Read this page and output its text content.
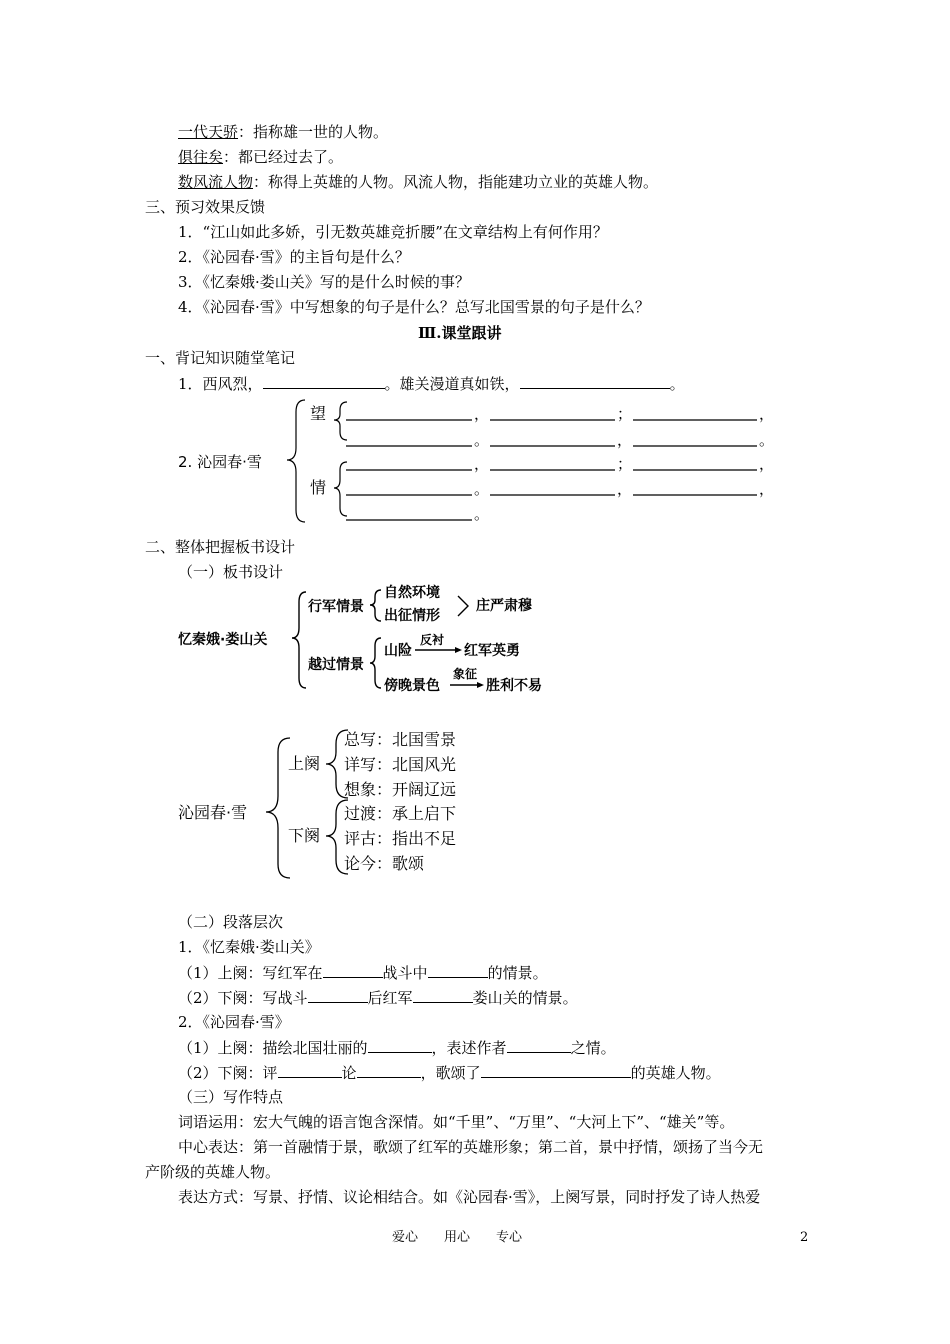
一代天骄：指称雄一世的人物。
俱往矣：都已经过去了。
数风流人物：称得上英雄的人物。风流人物，指能建功立业的英雄人物。
三、预习效果反馈
1．“江山如此多娇，引无数英雄竞折腰”在文章结构上有何作用？
2．《沁园春·雪》的主旨句是什么？
3．《忆秦娥·娄山关》写的是什么时候的事？
4．《沁园春·雪》中写想象的句子是什么？总写北国雪景的句子是什么？
Ⅲ.课堂跟讲
一、背记知识随堂笔记
1．西风烈，	。雄关漫道真如铁，	。
望
情
2. 沁园春·雪
，	；	，
。	，	。
，	；	，
。	，	，
。
二、整体把握板书设计
（一）板书设计
忆秦娥·娄山关
行军情景
自然环境
出征情形
庄严肃穆
越过情景
山险
反衬
红军英勇
傍晚景色
象征
胜利不易
沁园春·雪
上阕
下阕
总写：北国雪景
详写：北国风光
想象：开阔辽远
过渡：承上启下
评古：指出不足
论今：歌颂
（二）段落层次
1．《忆秦娥·娄山关》
（1）上阕：写红军在	战斗中	的情景。
（2）下阕：写战斗	后红军	娄山关的情景。
2．《沁园春·雪》
（1）上阕：描绘北国壮丽的	，表述作者	之情。
（2）下阕：评	论	，歌颂了	的英雄人物。
（三）写作特点
词语运用：宏大气魄的语言饱含深情。如“千里”、“万里”、“大河上下”、“雄关”等。
中心表达：第一首融情于景，歌颂了红军的英雄形象；第二首，景中抒情，颂扬了当今无
产阶级的英雄人物。
表达方式：写景、抒情、议论相结合。如《沁园春·雪》，上阕写景，同时抒发了诗人热爱
爱心　　用心　　专心	2
